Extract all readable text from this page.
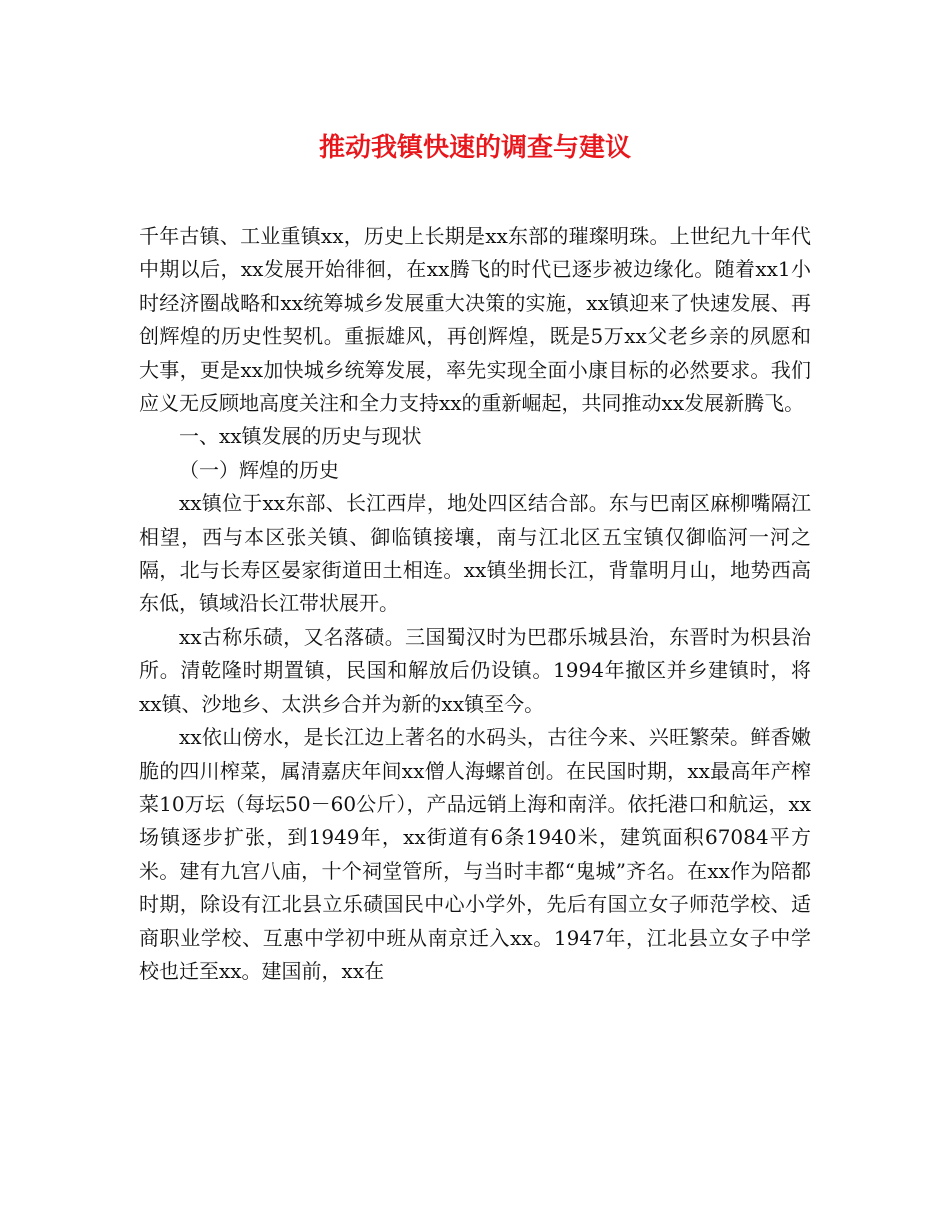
推动我镇快速的调查与建议

千年古镇、工业重镇xx，历史上长期是xx东部的璀璨明珠。上世纪九十年代中期以后，xx发展开始徘徊，在xx腾飞的时代已逐步被边缘化。随着xx1小时经济圈战略和xx统筹城乡发展重大决策的实施，xx镇迎来了快速发展、再创辉煌的历史性契机。重振雄风，再创辉煌，既是5万xx父老乡亲的夙愿和大事，更是xx加快城乡统筹发展，率先实现全面小康目标的必然要求。我们应义无反顾地高度关注和全力支持xx的重新崛起，共同推动xx发展新腾飞。

一、xx镇发展的历史与现状

（一）辉煌的历史

xx镇位于xx东部、长江西岸，地处四区结合部。东与巴南区麻柳嘴隔江相望，西与本区张关镇、御临镇接壤，南与江北区五宝镇仅御临河一河之隔，北与长寿区晏家街道田土相连。xx镇坐拥长江，背靠明月山，地势西高东低，镇域沿长江带状展开。

xx古称乐碛，又名落碛。三国蜀汉时为巴郡乐城县治，东晋时为枳县治所。清乾隆时期置镇，民国和解放后仍设镇。1994年撤区并乡建镇时，将xx镇、沙地乡、太洪乡合并为新的xx镇至今。

xx依山傍水，是长江边上著名的水码头，古往今来、兴旺繁荣。鲜香嫩脆的四川榨菜，属清嘉庆年间xx僧人海螺首创。在民国时期，xx最高年产榨菜10万坛（每坛50－60公斤），产品远销上海和南洋。依托港口和航运，xx场镇逐步扩张，到1949年，xx街道有6条1940米，建筑面积67084平方米。建有九宫八庙，十个祠堂管所，与当时丰都“鬼城”齐名。在xx作为陪都时期，除设有江北县立乐碛国民中心小学外，先后有国立女子师范学校、适商职业学校、互惠中学初中班从南京迁入xx。1947年，江北县立女子中学校也迁至xx。建国前，xx在
